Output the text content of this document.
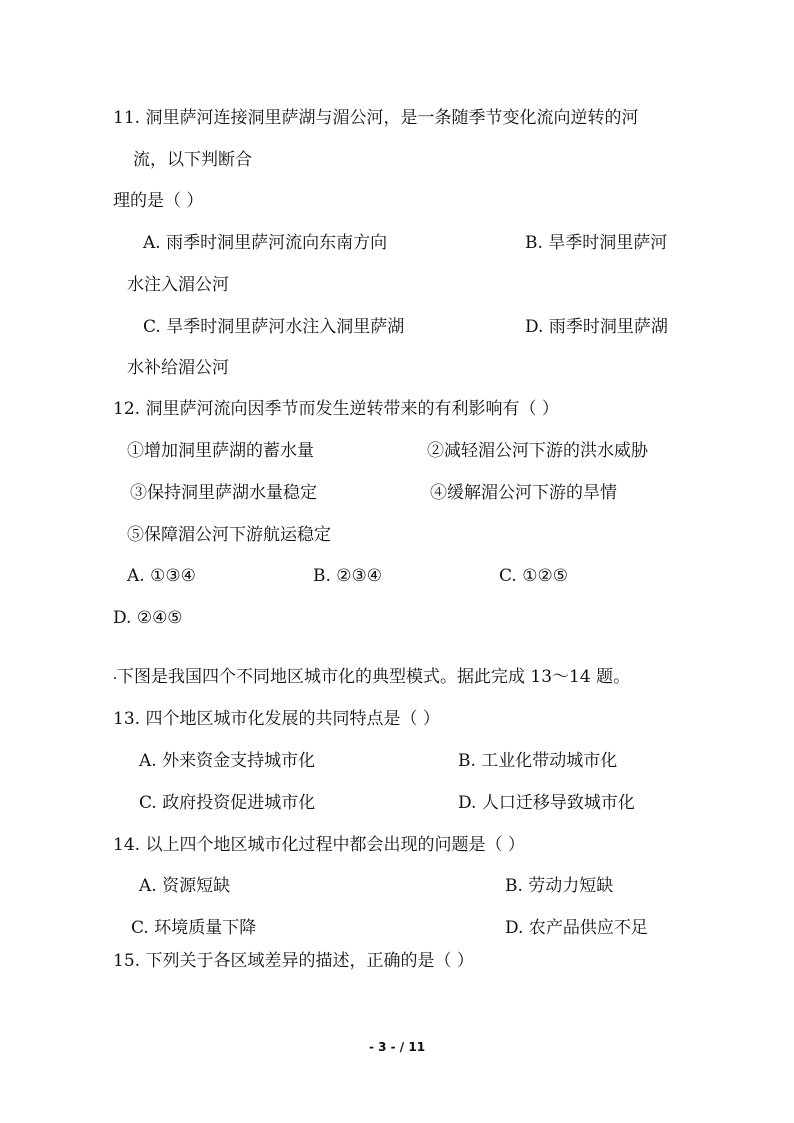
11. 洞里萨河连接洞里萨湖与湄公河，是一条随季节变化流向逆转的河
流，以下判断合
理的是（ ）
A. 雨季时洞里萨河流向东南方向	B. 旱季时洞里萨河
水注入湄公河
C. 旱季时洞里萨河水注入洞里萨湖	D. 雨季时洞里萨湖
水补给湄公河
12. 洞里萨河流向因季节而发生逆转带来的有利影响有（ ）
①增加洞里萨湖的蓄水量	②减轻湄公河下游的洪水威胁
③保持洞里萨湖水量稳定	④缓解湄公河下游的旱情
⑤保障湄公河下游航运稳定
A. ①③④	B. ②③④	C. ①②⑤
D. ②④⑤
下图是我国四个不同地区城市化的典型模式。据此完成 13～14 题。
13. 四个地区城市化发展的共同特点是（ ）
A. 外来资金支持城市化	B. 工业化带动城市化
C. 政府投资促进城市化	D. 人口迁移导致城市化
14. 以上四个地区城市化过程中都会出现的问题是（ ）
A. 资源短缺	B. 劳动力短缺
C. 环境质量下降	D. 农产品供应不足
15. 下列关于各区域差异的描述，正确的是（ ）
- 3 - / 11
